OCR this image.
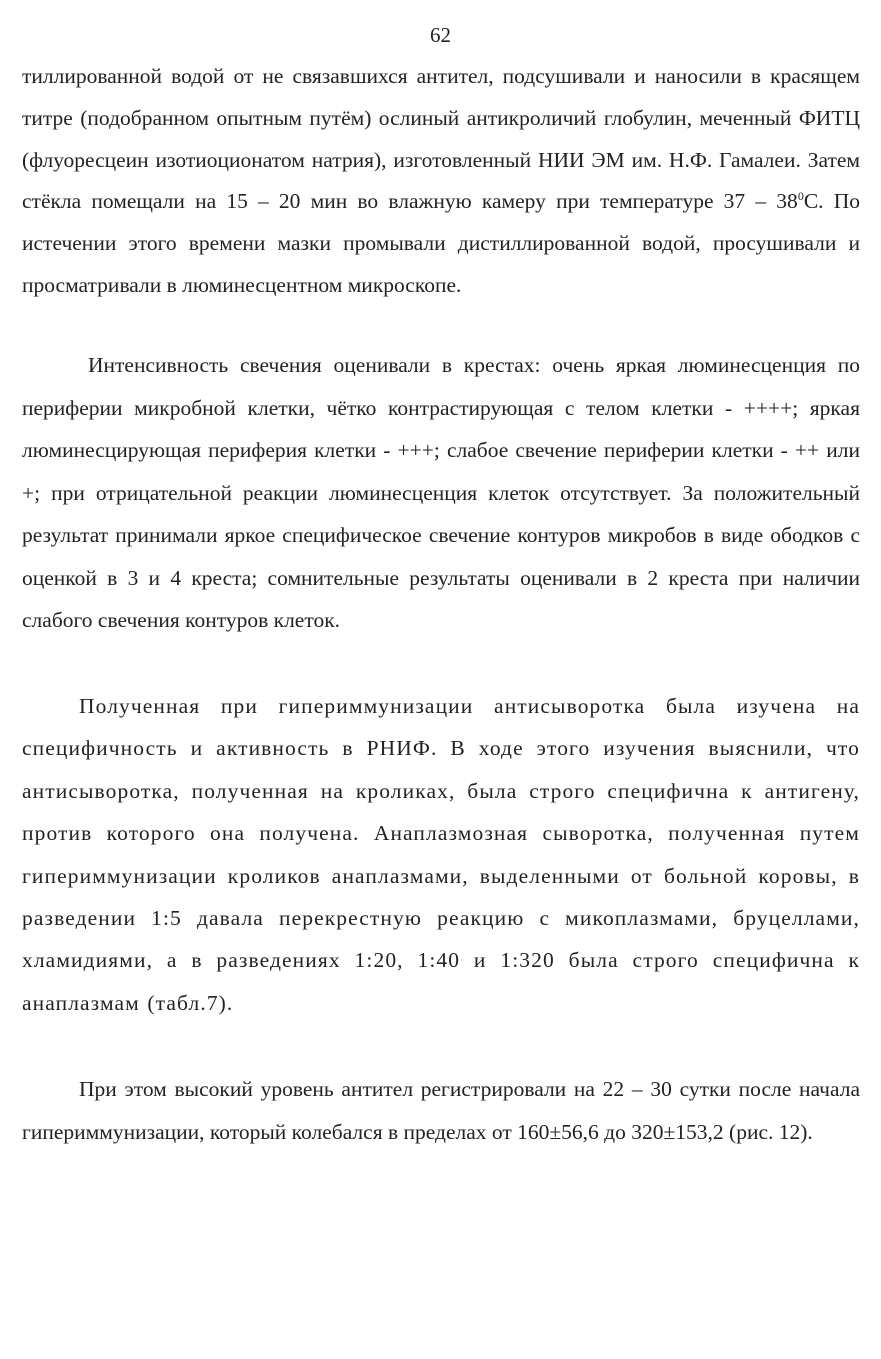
62

тиллированной водой от не связавшихся антител, подсушивали и наносили в красящем титре (подобранном опытным путём) ослиный антикроличий глобулин, меченный ФИТЦ (флуоресцеин изотиоционатом натрия), изготовленный НИИ ЭМ им. Н.Ф. Гамалеи. Затем стёкла помещали на 15 – 20 мин во влажную камеру при температуре $37 - 38^0С$. По истечении этого времени мазки промывали дистиллированной водой, просушивали и просматривали в люминесцентном микроскопе.

Интенсивность свечения оценивали в крестах: очень яркая люминесценция по периферии микробной клетки, чётко контрастирующая с телом клетки - ++++; яркая люминесцирующая периферия клетки - +++; слабое свечение периферии клетки - ++ или +; при отрицательной реакции люминесценция клеток отсутствует. За положительный результат принимали яркое специфическое свечение контуров микробов в виде ободков с оценкой в 3 и 4 креста; сомнительные результаты оценивали в 2 креста при наличии слабого свечения контуров клеток.

Полученная при гипериммунизации антисыворотка была изучена на специфичность и активность в РНИФ. В ходе этого изучения выяснили, что антисыворотка, полученная на кроликах, была строго специфична к антигену, против которого она получена. Анаплазмозная сыворотка, полученная путем гипериммунизации кроликов анаплазмами, выделенными от больной коровы, в разведении 1:5 давала перекрестную реакцию с микоплазмами, бруцеллами, хламидиями, а в разведениях 1:20, 1:40 и 1:320 была строго специфична к анаплазмам (табл.7).

При этом высокий уровень антител регистрировали на 22 – 30 сутки после начала гипериммунизации, который колебался в пределах от 160±56,6 до 320±153,2 (рис. 12).
